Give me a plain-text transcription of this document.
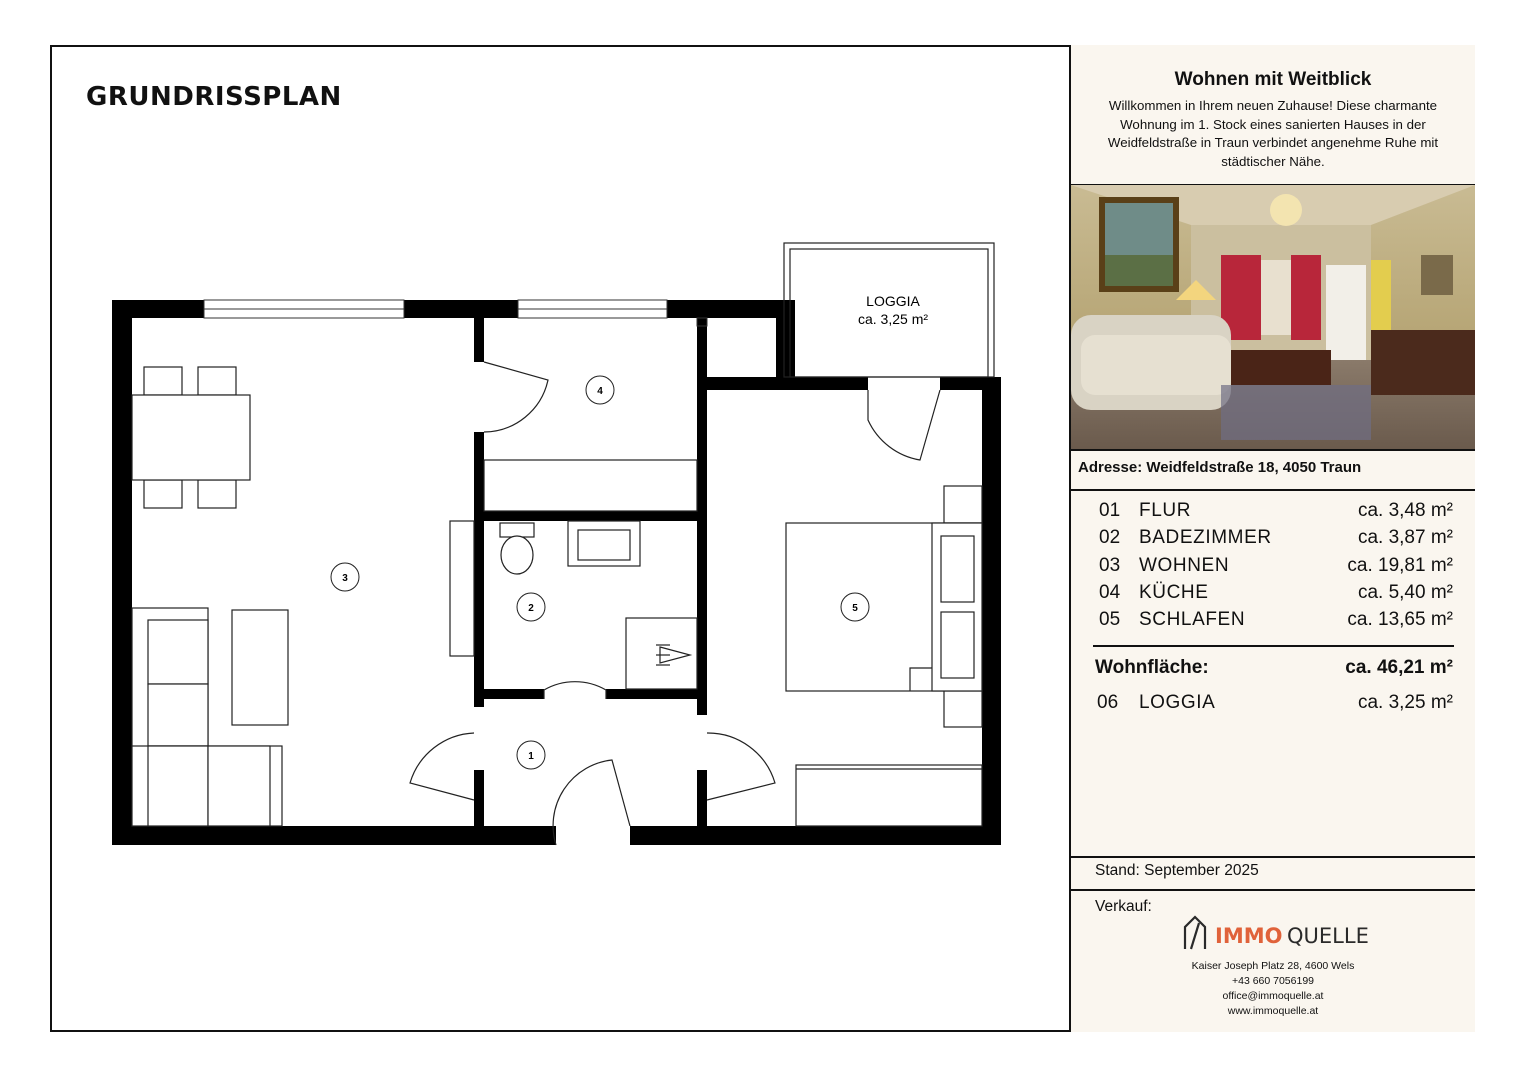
GRUNDRISSPLAN
LOGGIA
ca. 3,25 m²
1
2
3
4
5
Wohnen mit Weitblick
Willkommen in Ihrem neuen Zuhause! Diese charmante Wohnung im 1. Stock eines sanierten Hauses in der Weidfeldstraße in Traun verbindet angenehme Ruhe mit städtischer Nähe.
Adresse: Weidfeldstraße 18, 4050 Traun
01 FLUR	ca. 3,48 m²
02 BADEZIMMER	ca. 3,87 m²
03 WOHNEN	ca. 19,81 m²
04 KÜCHE	ca. 5,40 m²
05 SCHLAFEN	ca. 13,65 m²
Wohnfläche:	ca. 46,21 m²
06 LOGGIA	ca. 3,25 m²
Stand: September 2025
Verkauf:
IMMO QUELLE
Kaiser Joseph Platz 28, 4600 Wels
+43 660 7056199
office@immoquelle.at
www.immoquelle.at
